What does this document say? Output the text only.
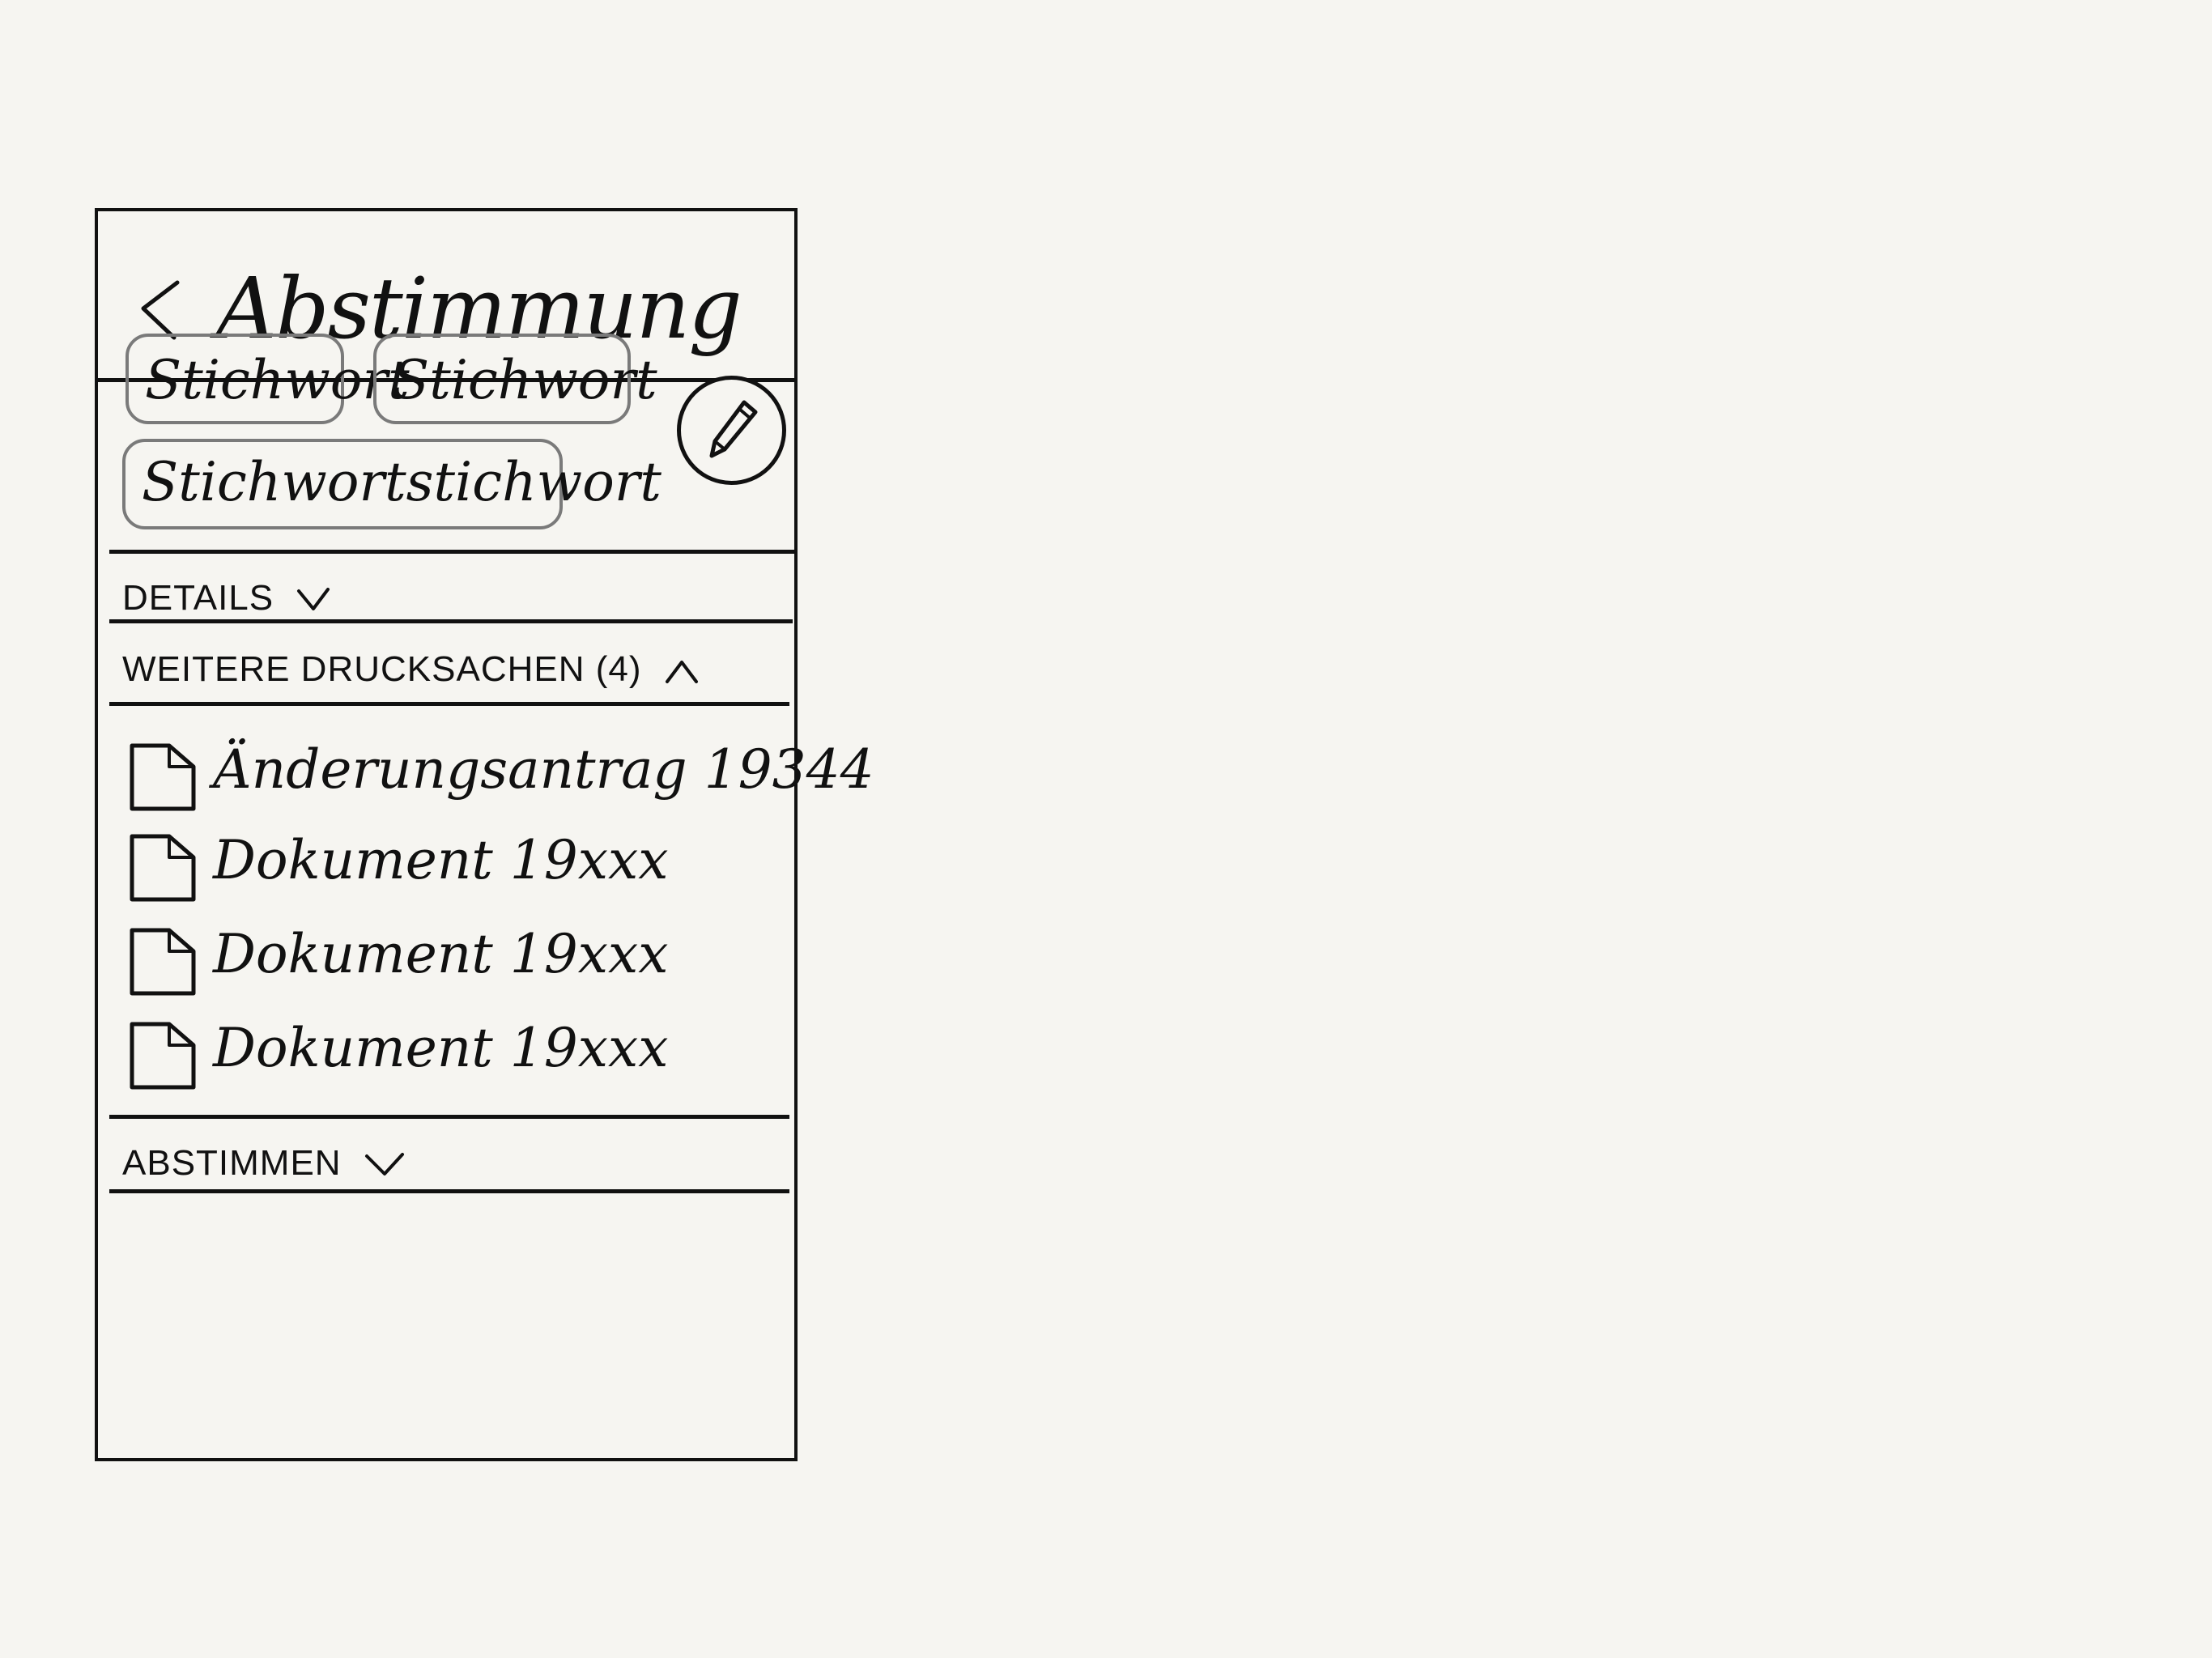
Abstimmung
Stichwort
Stichwort
Stichwortstichwort
DETAILS
WEITERE DRUCKSACHEN (4)
Änderungsantrag 19344
Dokument 19xxx
Dokument 19xxx
Dokument 19xxx
ABSTIMMEN
